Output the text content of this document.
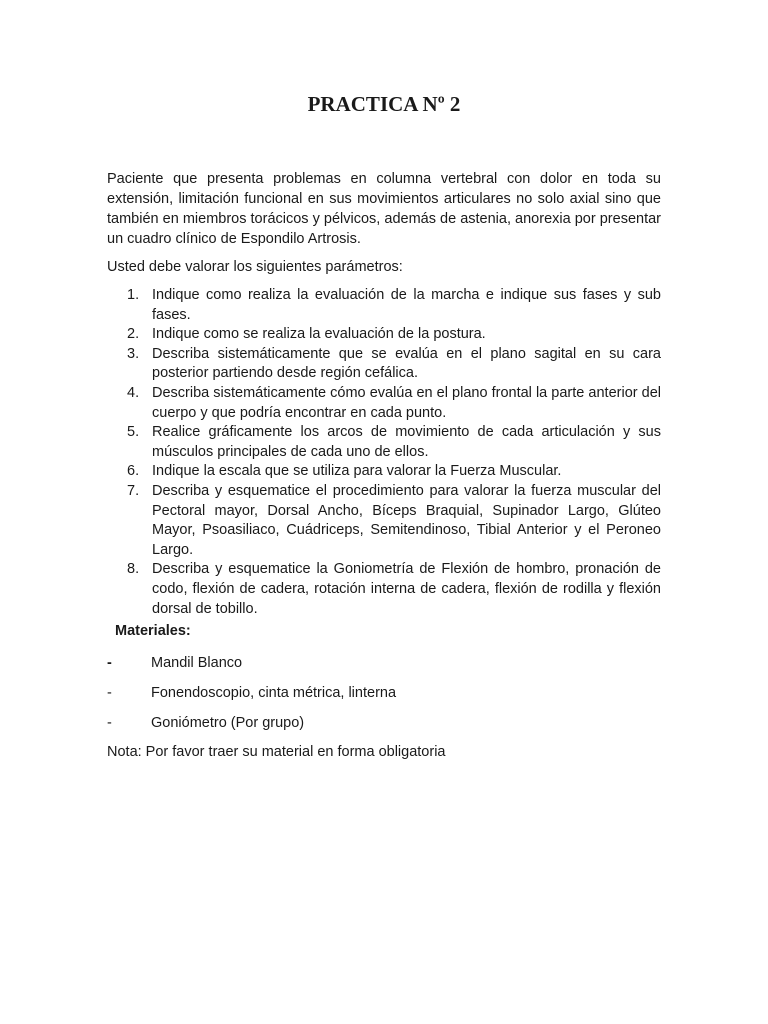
PRACTICA Nº 2
Paciente que presenta problemas en columna vertebral con dolor en toda su extensión, limitación funcional en sus movimientos articulares no solo axial sino que también en miembros torácicos y pélvicos, además de astenia, anorexia por presentar un cuadro clínico de Espondilo Artrosis.
Usted debe valorar los siguientes parámetros:
1. Indique como realiza la evaluación de la marcha e indique sus fases y sub fases.
2. Indique como se realiza la evaluación de la postura.
3. Describa sistemáticamente que se evalúa en el plano sagital en su cara posterior partiendo desde región cefálica.
4. Describa sistemáticamente cómo evalúa en el plano frontal la parte anterior del cuerpo y que podría encontrar en cada punto.
5. Realice gráficamente los arcos de movimiento de cada articulación y sus músculos principales de cada uno de ellos.
6. Indique la escala que se utiliza para valorar la Fuerza Muscular.
7. Describa y esquematice el procedimiento para valorar la fuerza muscular del Pectoral mayor, Dorsal Ancho, Bíceps Braquial, Supinador Largo, Glúteo Mayor, Psoasiliaco, Cuádriceps, Semitendinoso, Tibial Anterior y el Peroneo Largo.
8. Describa y esquematice la Goniometría de Flexión de hombro, pronación de codo, flexión de cadera, rotación interna de cadera, flexión de rodilla y flexión dorsal de tobillo.
Materiales:
-	Mandil Blanco
-	Fonendoscopio, cinta métrica, linterna
-	Goniómetro (Por grupo)
Nota: Por favor traer su material en forma obligatoria
